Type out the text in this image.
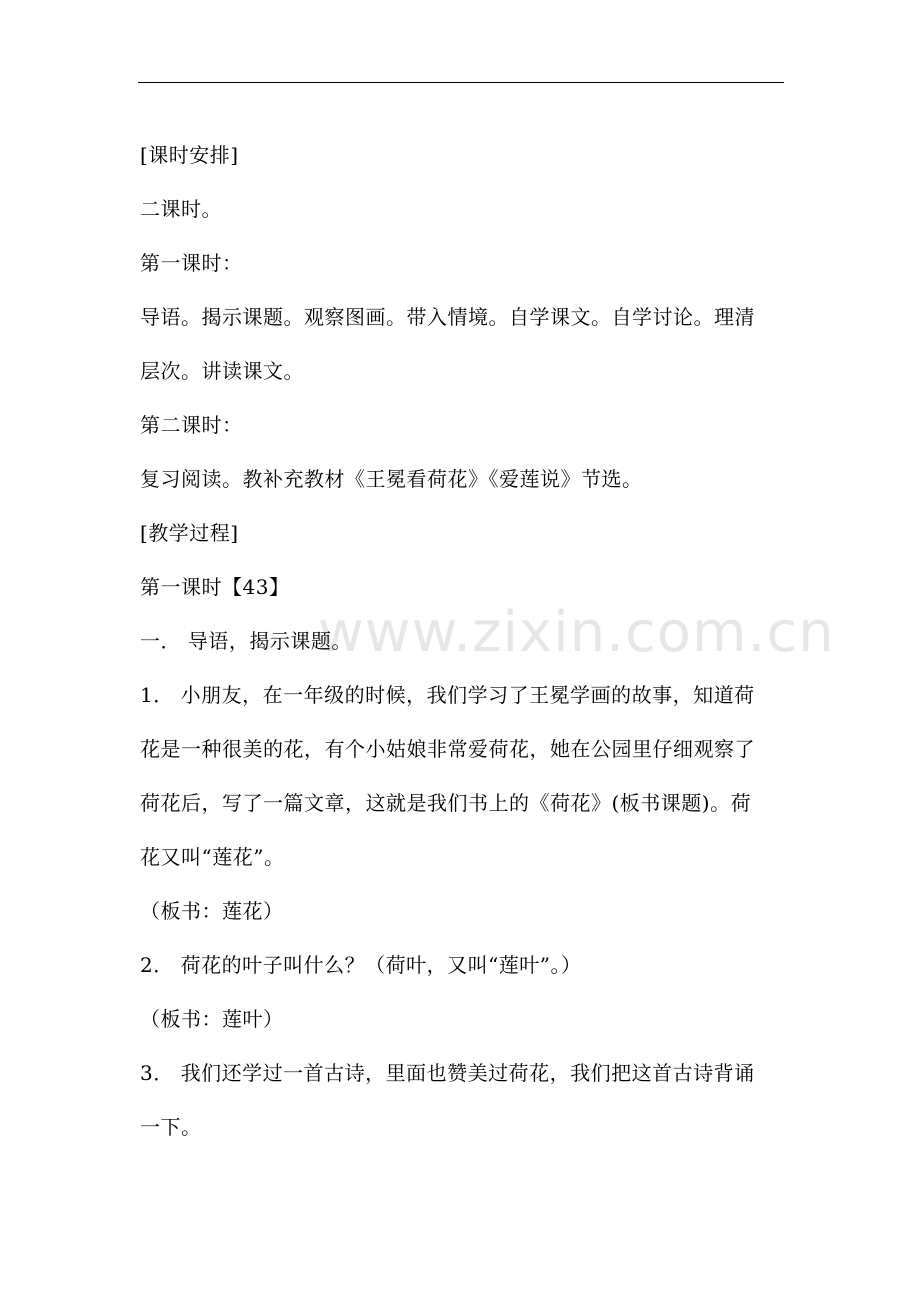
[课时安排]
二课时。
第一课时：
导语。揭示课题。观察图画。带入情境。自学课文。自学讨论。理清
层次。讲读课文。
第二课时：
复习阅读。教补充教材《王冕看荷花》《爱莲说》节选。
[教学过程]
第一课时【43】
一． 导语，揭示课题。
1． 小朋友，在一年级的时候，我们学习了王冕学画的故事，知道荷
花是一种很美的花，有个小姑娘非常爱荷花，她在公园里仔细观察了
荷花后，写了一篇文章，这就是我们书上的《荷花》(板书课题)。荷
花又叫“莲花”。
（板书：莲花）
2． 荷花的叶子叫什么？（荷叶，又叫“莲叶”。）
（板书：莲叶）
3． 我们还学过一首古诗，里面也赞美过荷花，我们把这首古诗背诵
一下。
www.zixin.com.cn
